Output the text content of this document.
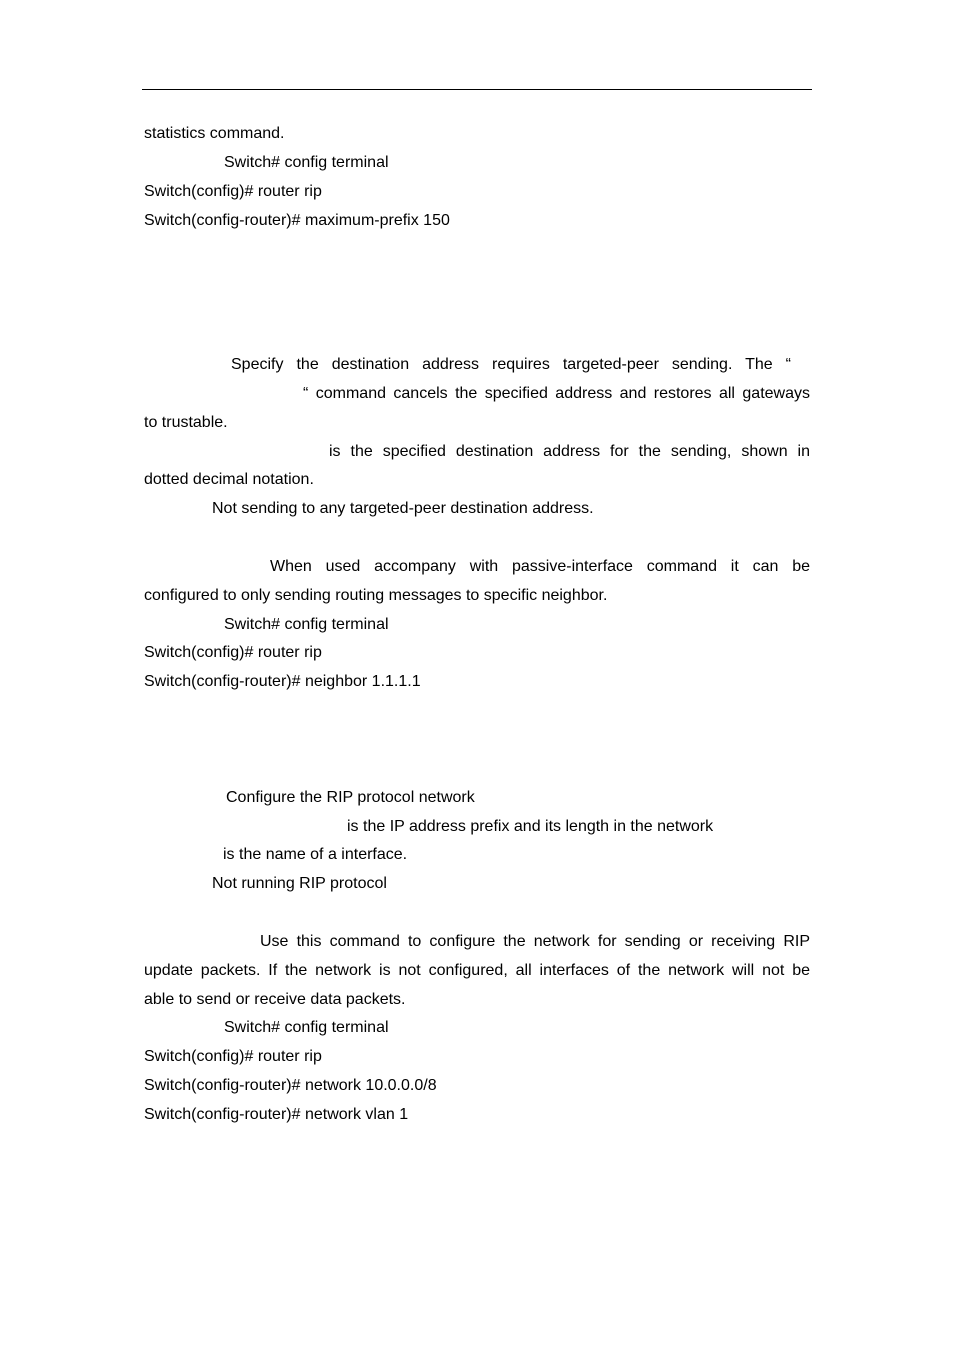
statistics command.
Switch# config terminal
Switch(config)# router rip
Switch(config-router)# maximum-prefix 150
Specify the destination address requires targeted-peer sending. The “
“ command cancels the specified address and restores all gateways
to trustable.
is the specified destination address for the sending, shown in
dotted decimal notation.
Not sending to any targeted-peer destination address.
When used accompany with passive-interface command it can be
configured to only sending routing messages to specific neighbor.
Switch# config terminal
Switch(config)# router rip
Switch(config-router)# neighbor 1.1.1.1
Configure the RIP protocol network
is the IP address prefix and its length in the network
is the name of a interface.
Not running RIP protocol
Use this command to configure the network for sending or receiving RIP
update packets. If the network is not configured, all interfaces of the network will not be
able to send or receive data packets.
Switch# config terminal
Switch(config)# router rip
Switch(config-router)# network 10.0.0.0/8
Switch(config-router)# network vlan 1
